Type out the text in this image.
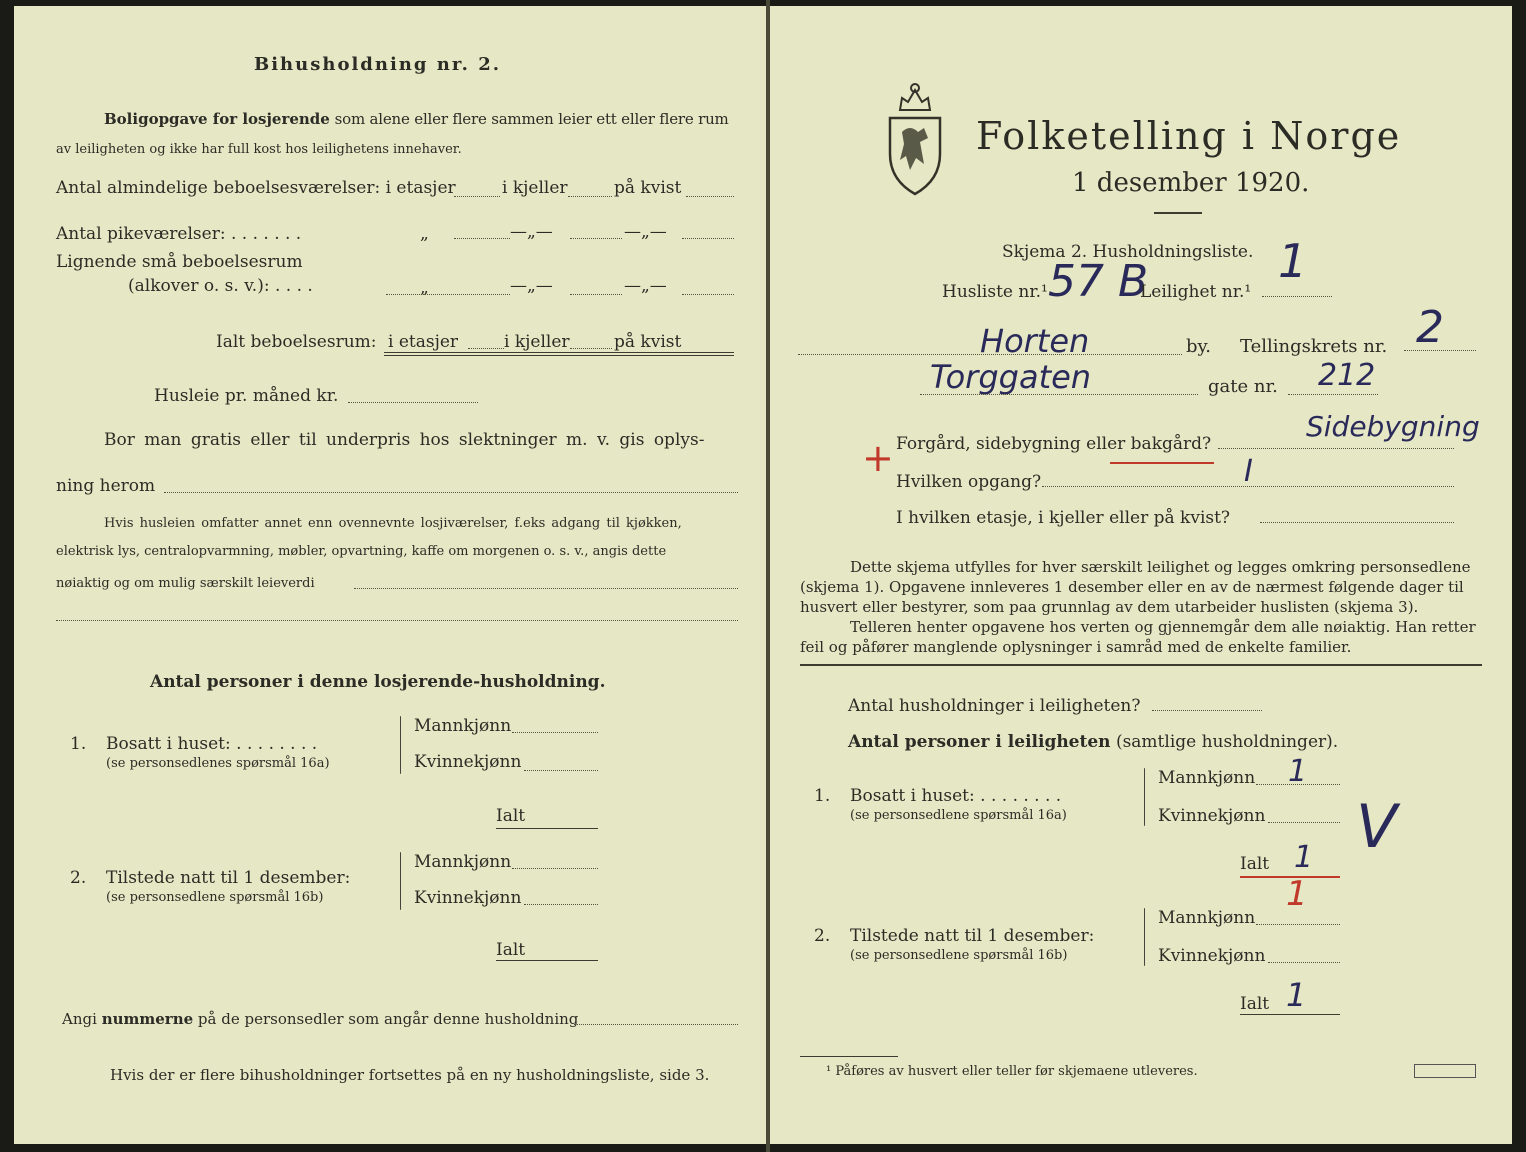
Bihusholdning nr. 2.
Boligopgave for losjerende som alene eller flere sammen leier ett eller flere rum
av leiligheten og ikke har full kost hos leilighetens innehaver.
Antal almindelige beboelsesværelser: i etasjer	i kjeller	på kvist
Antal pikeværelser: . . . . . . .	„	—„—	—„—
Lignende små beboelsesrum
(alkover o. s. v.): . . . .	„	—„—	—„—
Ialt beboelsesrum: i etasjer	i kjeller	på kvist
Husleie pr. måned kr.
Bor man gratis eller til underpris hos slektninger m. v. gis oplys-
ning herom
Hvis husleien omfatter annet enn ovennevnte losjiværelser, f.eks adgang til kjøkken,
elektrisk lys, centralopvarmning, møbler, opvartning, kaffe om morgenen o. s. v., angis dette
nøiaktig og om mulig særskilt leieverdi
Antal personer i denne losjerende-husholdning.
1. Bosatt i huset: . . . . . . . .
(se personsedlenes spørsmål 16a)
Mannkjønn
Kvinnekjønn
Ialt
2. Tilstede natt til 1 desember:
(se personsedlene spørsmål 16b)
Mannkjønn
Kvinnekjønn
Ialt
Angi nummerne på de personsedler som angår denne husholdning
Hvis der er flere bihusholdninger fortsettes på en ny husholdningsliste, side 3.
Folketelling i Norge
1 desember 1920.
Skjema 2. Husholdningsliste.
Husliste nr.¹ 57 B
Leilighet nr.¹
1
Horten	by. Tellingskrets nr. 2
Torggaten	gate nr. 212
+ Forgård, sidebygning eller bakgård?
Sidebygning
Hvilken opgang?	I
I hvilken etasje, i kjeller eller på kvist?
Dette skjema utfylles for hver særskilt leilighet og legges omkring personsedlene
(skjema 1). Opgavene innleveres 1 desember eller en av de nærmest følgende dager til
husvert eller bestyrer, som paa grunnlag av dem utarbeider huslisten (skjema 3).
Telleren henter opgavene hos verten og gjennemgår dem alle nøiaktig. Han retter
feil og påfører manglende oplysninger i samråd med de enkelte familier.
Antal husholdninger i leiligheten?
Antal personer i leiligheten (samtlige husholdninger).
1. Bosatt i huset: . . . . . . . .
(se personsedlene spørsmål 16a)
Mannkjønn 1
Kvinnekjønn V
Ialt 1
1
2. Tilstede natt til 1 desember:
(se personsedlene spørsmål 16b)
Mannkjønn
Kvinnekjønn
Ialt 1
¹ Påføres av husvert eller teller før skjemaene utleveres.
